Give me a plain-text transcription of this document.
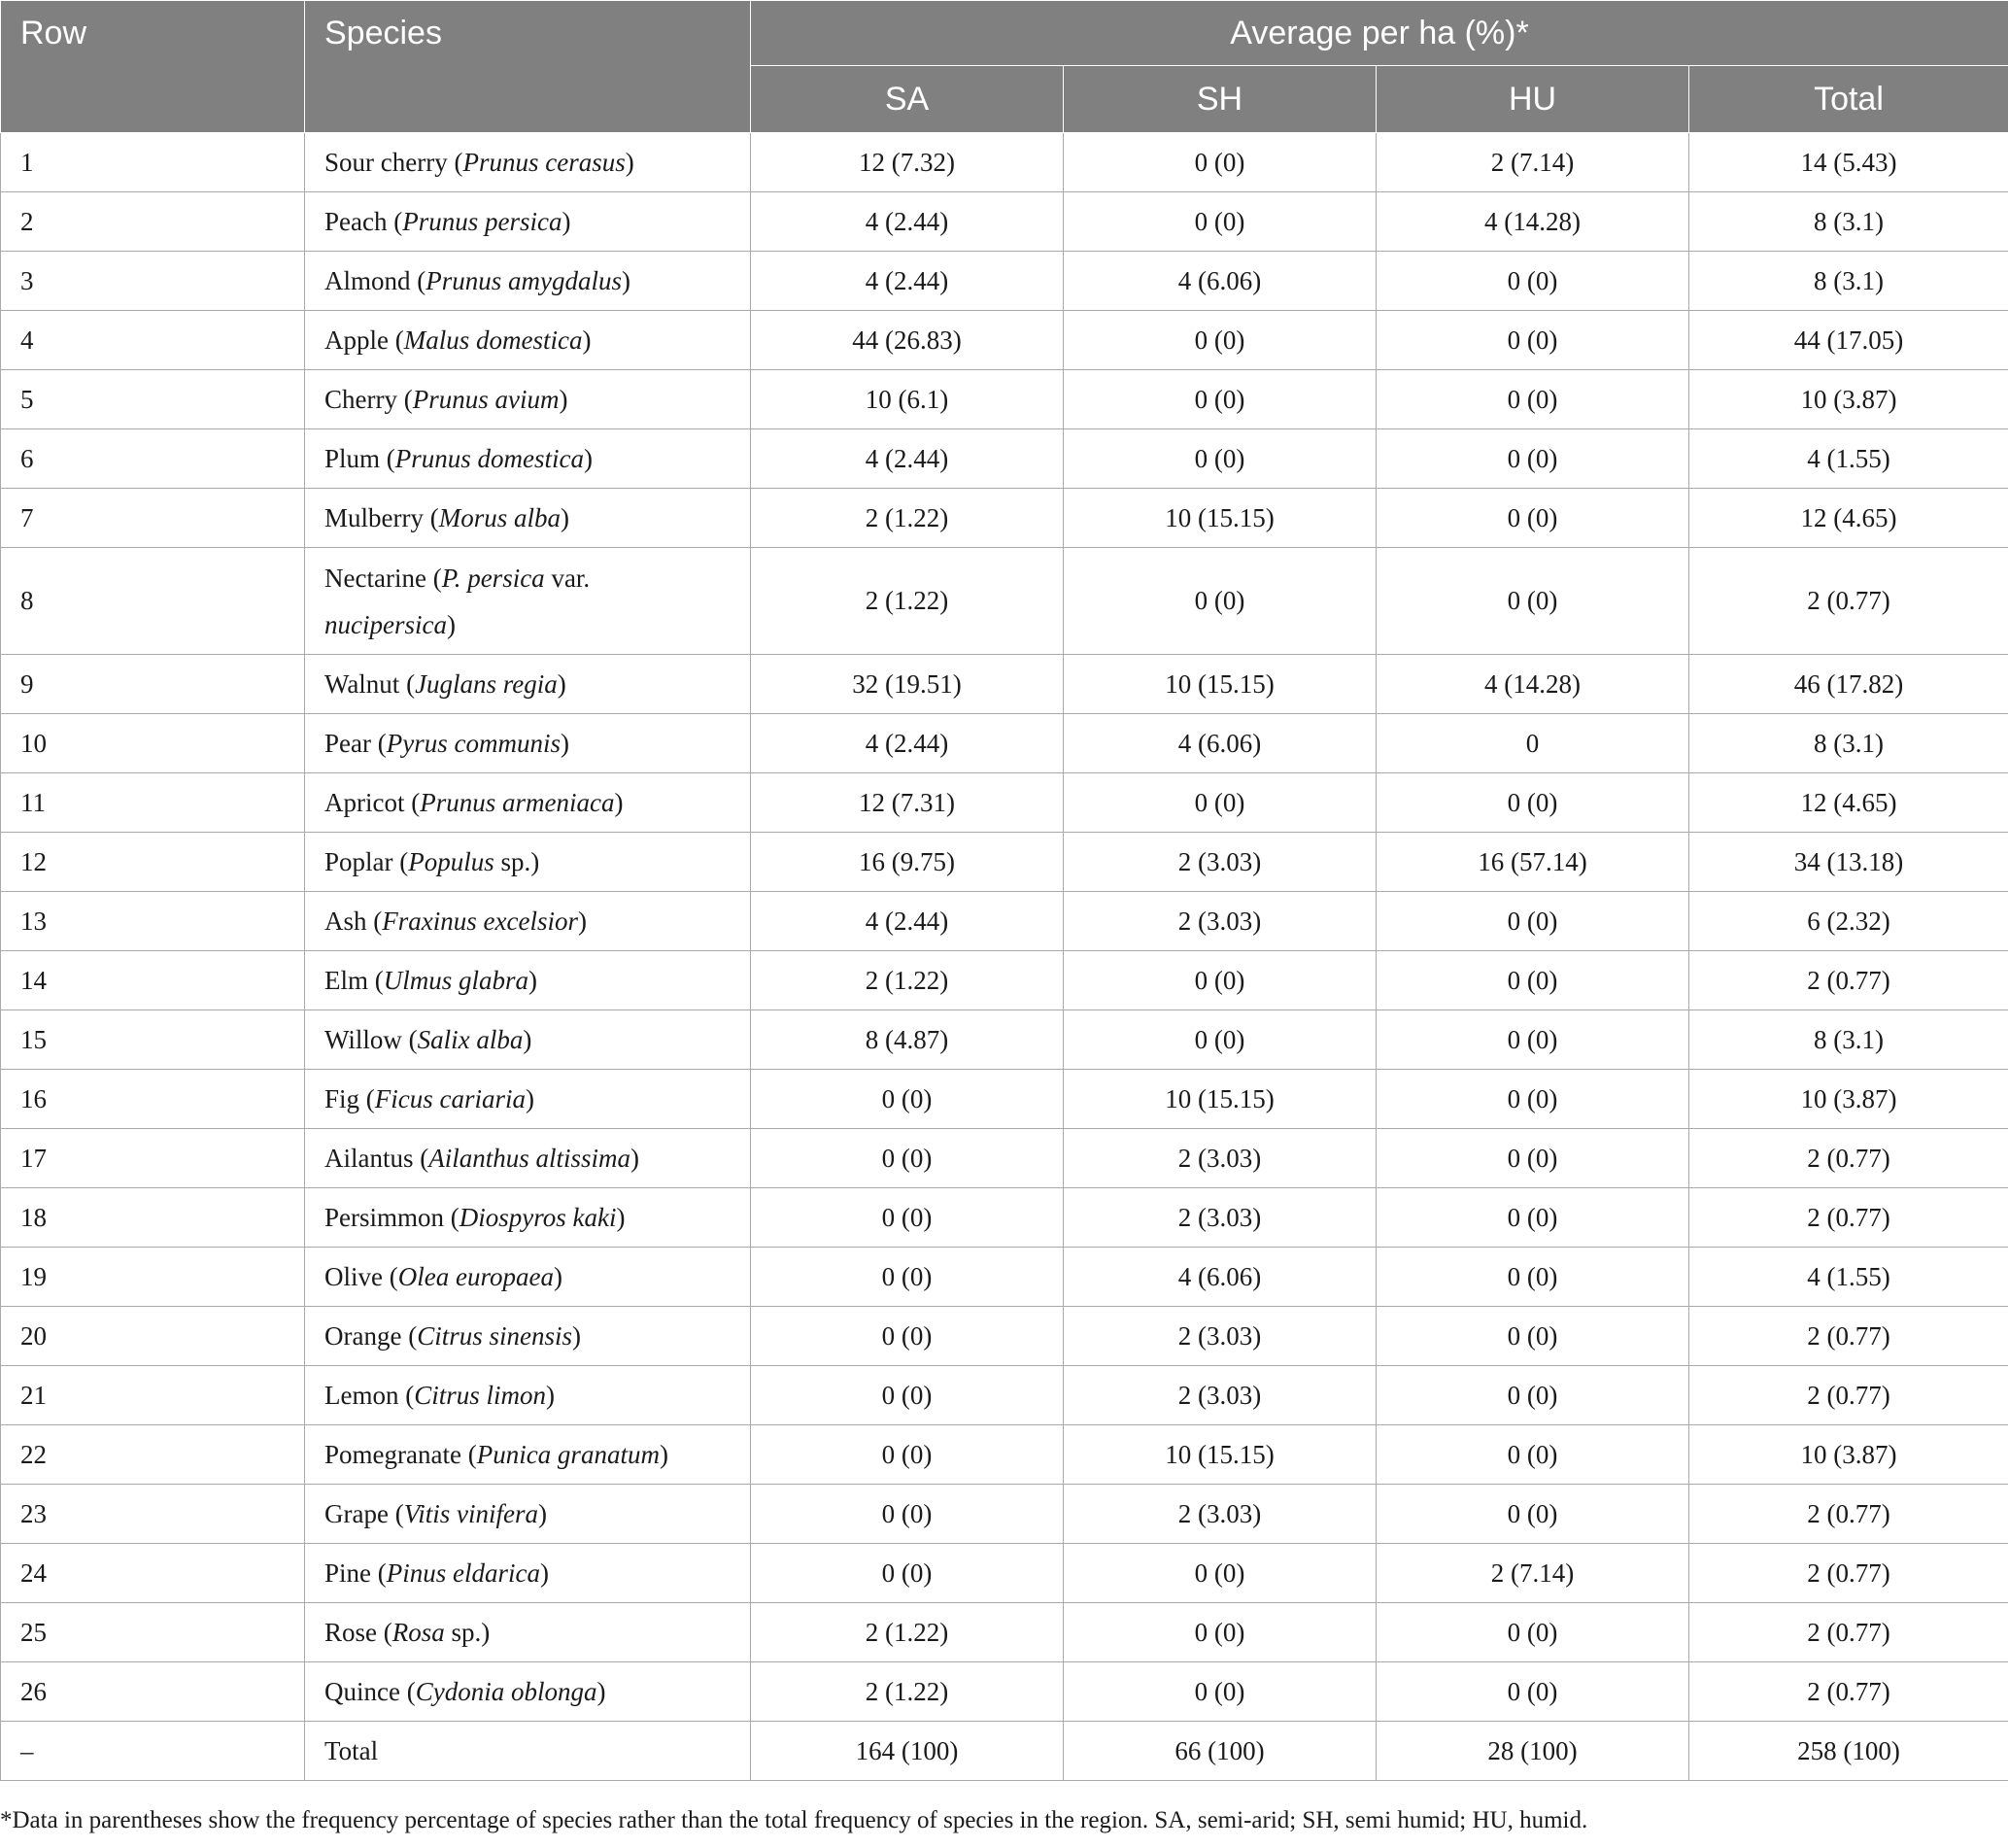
Row	Species	Average per ha (%)*			
		SA	SH	HU	Total
1	Sour cherry (Prunus cerasus)	12 (7.32)	0 (0)	2 (7.14)	14 (5.43)
2	Peach (Prunus persica)	4 (2.44)	0 (0)	4 (14.28)	8 (3.1)
3	Almond (Prunus amygdalus)	4 (2.44)	4 (6.06)	0 (0)	8 (3.1)
4	Apple (Malus domestica)	44 (26.83)	0 (0)	0 (0)	44 (17.05)
5	Cherry (Prunus avium)	10 (6.1)	0 (0)	0 (0)	10 (3.87)
6	Plum (Prunus domestica)	4 (2.44)	0 (0)	0 (0)	4 (1.55)
7	Mulberry (Morus alba)	2 (1.22)	10 (15.15)	0 (0)	12 (4.65)
8	Nectarine (P. persica var.
nucipersica)	2 (1.22)	0 (0)	0 (0)	2 (0.77)
9	Walnut (Juglans regia)	32 (19.51)	10 (15.15)	4 (14.28)	46 (17.82)
10	Pear (Pyrus communis)	4 (2.44)	4 (6.06)	0	8 (3.1)
11	Apricot (Prunus armeniaca)	12 (7.31)	0 (0)	0 (0)	12 (4.65)
12	Poplar (Populus sp.)	16 (9.75)	2 (3.03)	16 (57.14)	34 (13.18)
13	Ash (Fraxinus excelsior)	4 (2.44)	2 (3.03)	0 (0)	6 (2.32)
14	Elm (Ulmus glabra)	2 (1.22)	0 (0)	0 (0)	2 (0.77)
15	Willow (Salix alba)	8 (4.87)	0 (0)	0 (0)	8 (3.1)
16	Fig (Ficus cariaria)	0 (0)	10 (15.15)	0 (0)	10 (3.87)
17	Ailantus (Ailanthus altissima)	0 (0)	2 (3.03)	0 (0)	2 (0.77)
18	Persimmon (Diospyros kaki)	0 (0)	2 (3.03)	0 (0)	2 (0.77)
19	Olive (Olea europaea)	0 (0)	4 (6.06)	0 (0)	4 (1.55)
20	Orange (Citrus sinensis)	0 (0)	2 (3.03)	0 (0)	2 (0.77)
21	Lemon (Citrus limon)	0 (0)	2 (3.03)	0 (0)	2 (0.77)
22	Pomegranate (Punica granatum)	0 (0)	10 (15.15)	0 (0)	10 (3.87)
23	Grape (Vitis vinifera)	0 (0)	2 (3.03)	0 (0)	2 (0.77)
24	Pine (Pinus eldarica)	0 (0)	0 (0)	2 (7.14)	2 (0.77)
25	Rose (Rosa sp.)	2 (1.22)	0 (0)	0 (0)	2 (0.77)
26	Quince (Cydonia oblonga)	2 (1.22)	0 (0)	0 (0)	2 (0.77)
–	Total	164 (100)	66 (100)	28 (100)	258 (100)
*Data in parentheses show the frequency percentage of species rather than the total frequency of species in the region. SA, semi-arid; SH, semi humid; HU, humid.
